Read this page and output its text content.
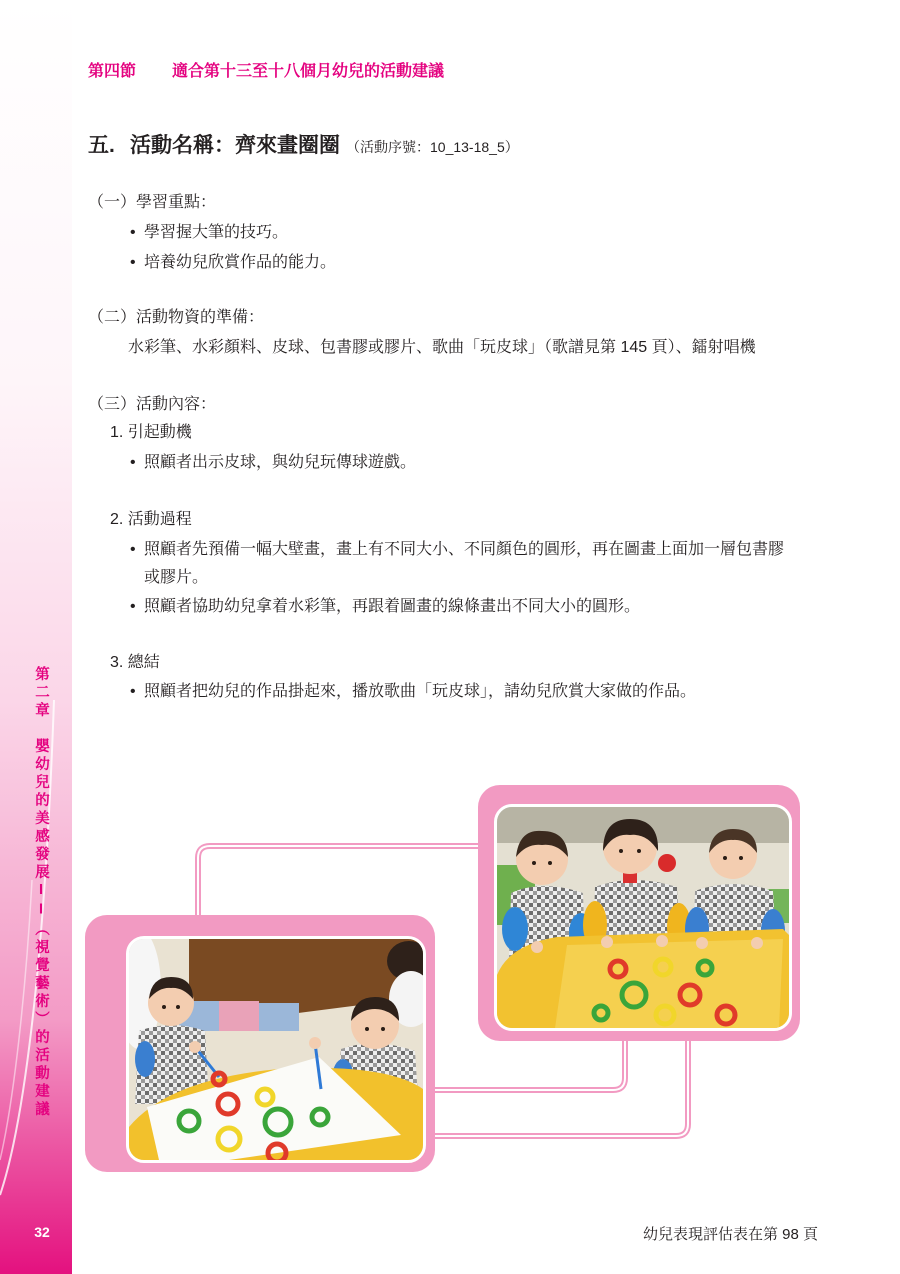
第二章　嬰幼兒的美感發展II（視覺藝術）的活動建議
32
第四節 適合第十三至十八個月幼兒的活動建議
五. 活動名稱：齊來畫圈圈 （活動序號：10_13-18_5）
（一）學習重點：
• 學習握大筆的技巧。
• 培養幼兒欣賞作品的能力。
（二）活動物資的準備：
水彩筆、水彩顏料、皮球、包書膠或膠片、歌曲「玩皮球」（歌譜見第 145 頁）、鐳射唱機
（三）活動內容：
1. 引起動機
• 照顧者出示皮球，與幼兒玩傳球遊戲。
2. 活動過程
• 照顧者先預備一幅大壁畫，畫上有不同大小、不同顏色的圓形，再在圖畫上面加一層包書膠
或膠片。
• 照顧者協助幼兒拿着水彩筆，再跟着圖畫的線條畫出不同大小的圓形。
3. 總結
• 照顧者把幼兒的作品掛起來，播放歌曲「玩皮球」，請幼兒欣賞大家做的作品。
幼兒表現評估表在第 98 頁
